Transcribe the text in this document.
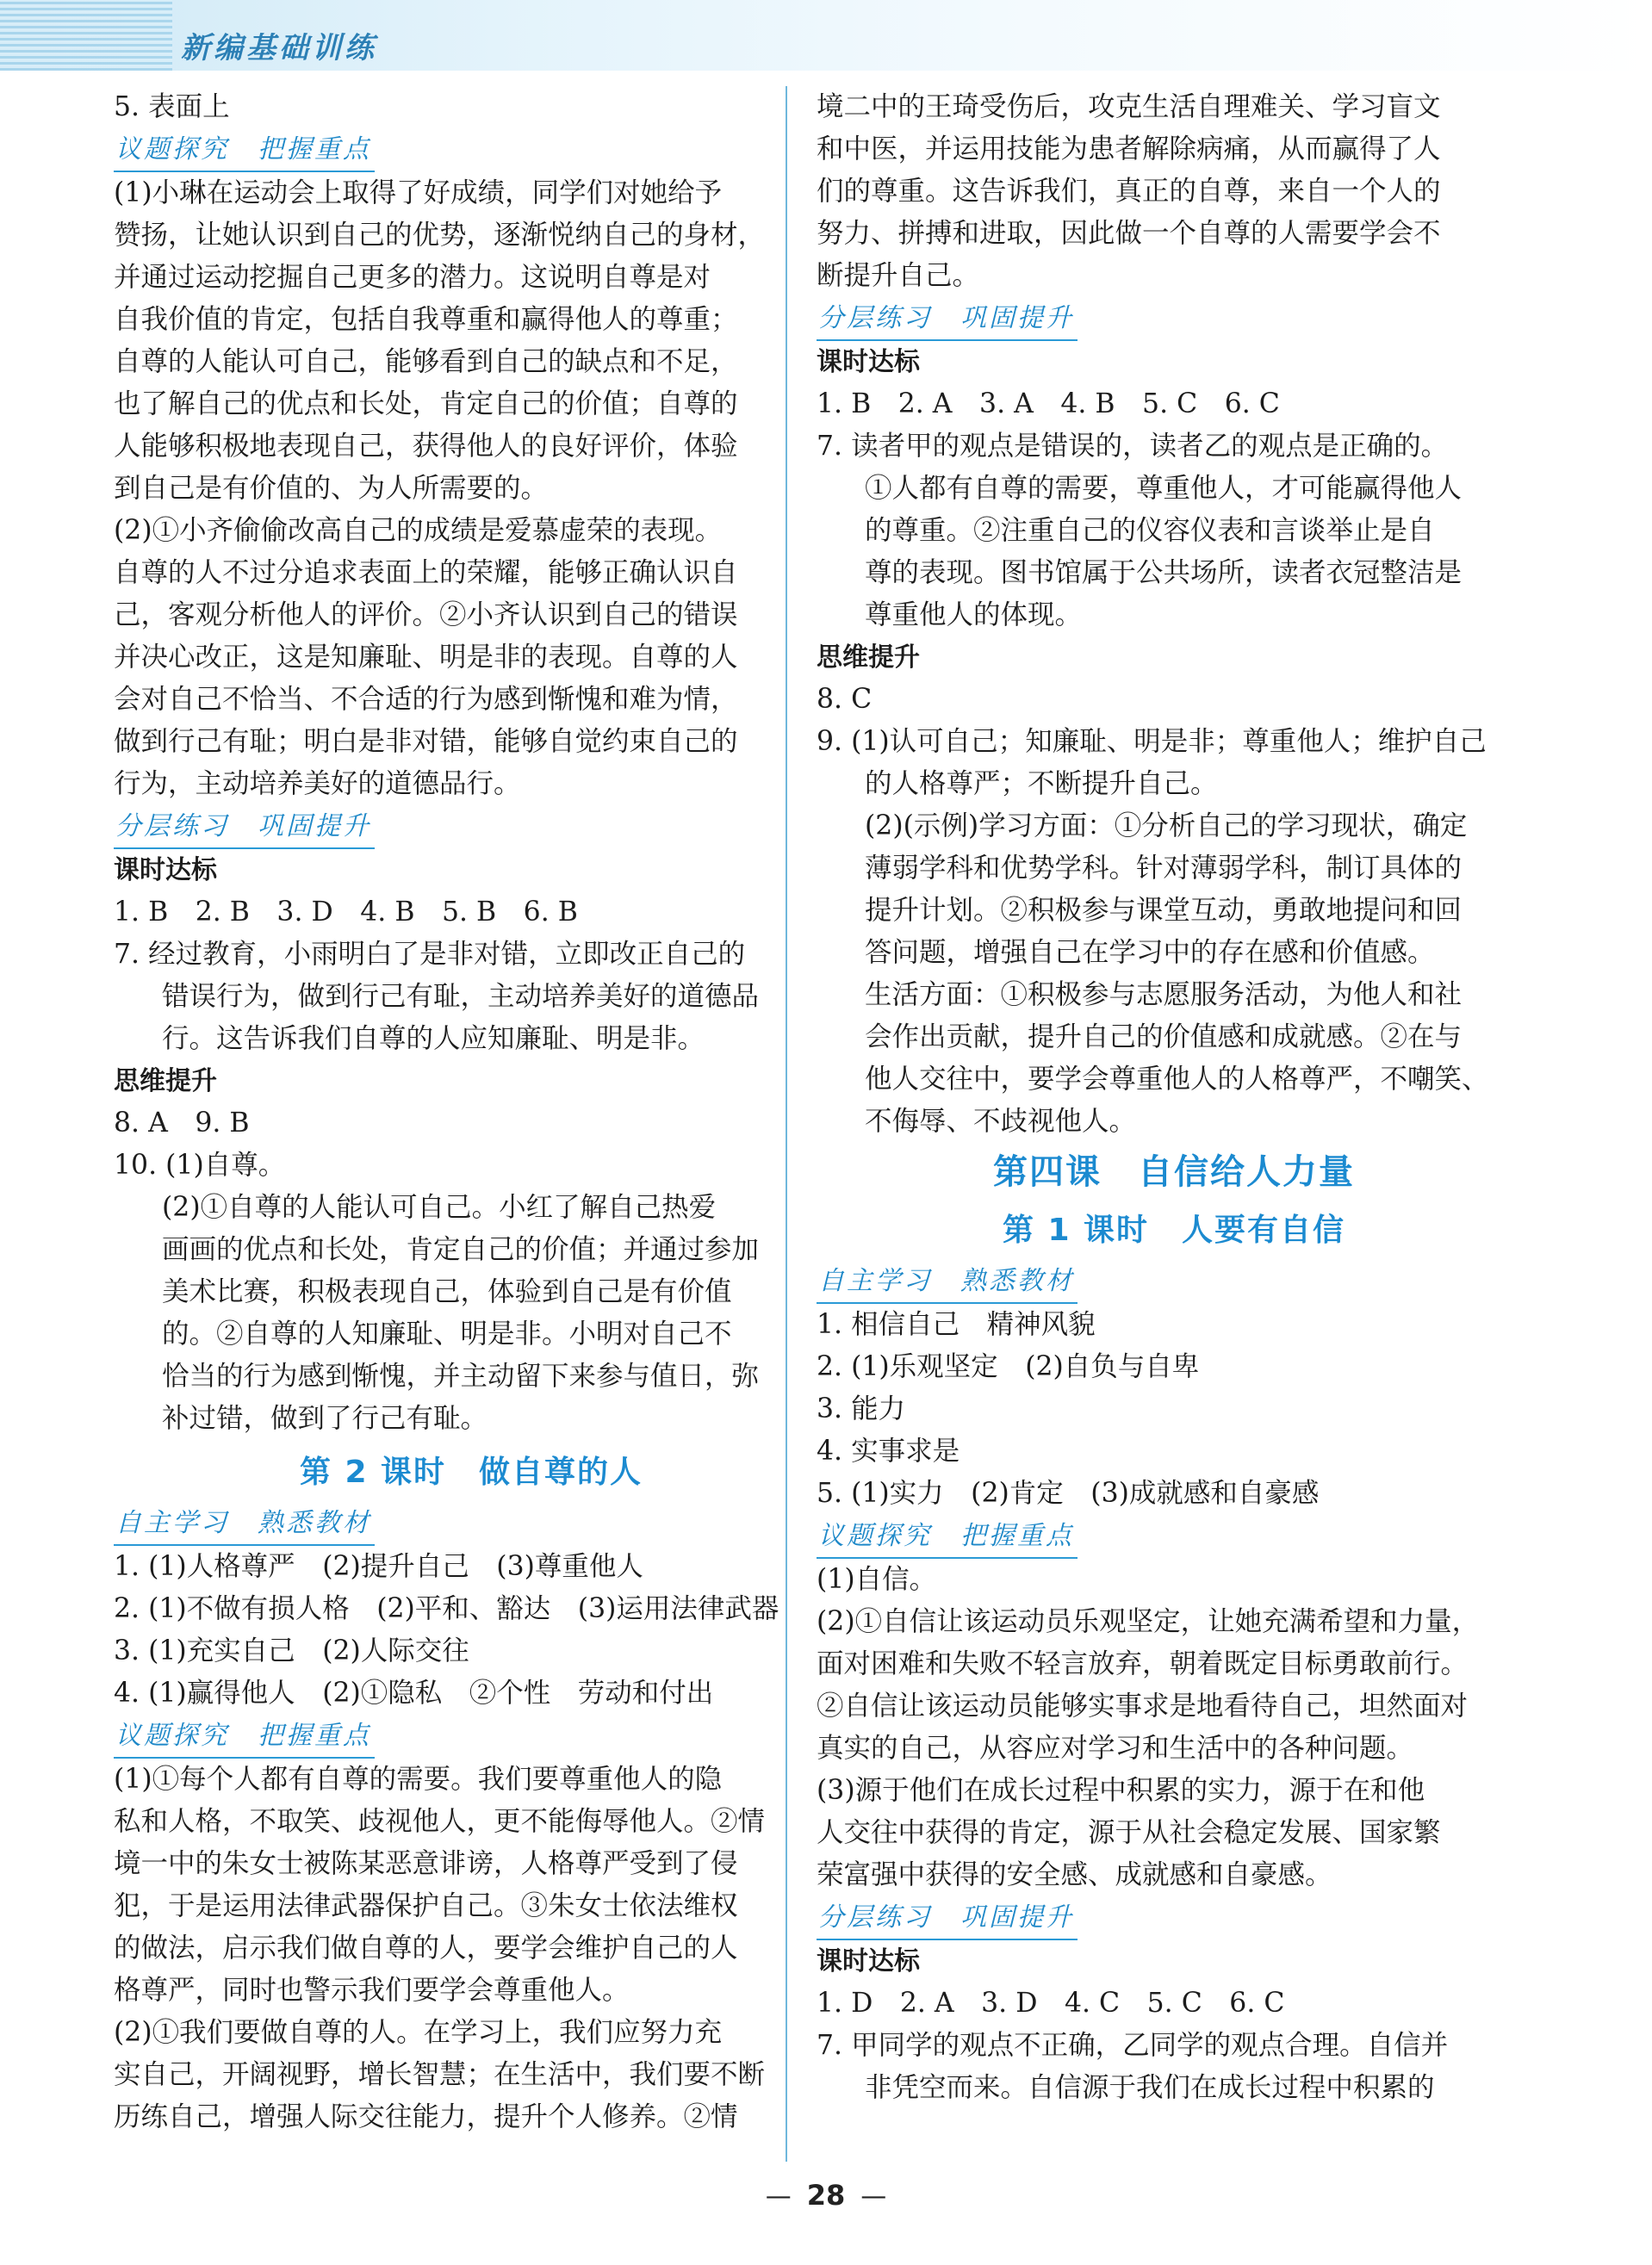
新编基础训练
5. 表面上
议题探究　把握重点
(1)小琳在运动会上取得了好成绩，同学们对她给予
赞扬，让她认识到自己的优势，逐渐悦纳自己的身材，
并通过运动挖掘自己更多的潜力。这说明自尊是对
自我价值的肯定，包括自我尊重和赢得他人的尊重；
自尊的人能认可自己，能够看到自己的缺点和不足，
也了解自己的优点和长处，肯定自己的价值；自尊的
人能够积极地表现自己，获得他人的良好评价，体验
到自己是有价值的、为人所需要的。
(2)①小齐偷偷改高自己的成绩是爱慕虚荣的表现。
自尊的人不过分追求表面上的荣耀，能够正确认识自
己，客观分析他人的评价。②小齐认识到自己的错误
并决心改正，这是知廉耻、明是非的表现。自尊的人
会对自己不恰当、不合适的行为感到惭愧和难为情，
做到行己有耻；明白是非对错，能够自觉约束自己的
行为，主动培养美好的道德品行。
分层练习　巩固提升
课时达标
1. B　2. B　3. D　4. B　5. B　6. B
7. 经过教育，小雨明白了是非对错，立即改正自己的
错误行为，做到行己有耻，主动培养美好的道德品
行。这告诉我们自尊的人应知廉耻、明是非。
思维提升
8. A　9. B
10. (1)自尊。
(2)①自尊的人能认可自己。小红了解自己热爱
画画的优点和长处，肯定自己的价值；并通过参加
美术比赛，积极表现自己，体验到自己是有价值
的。②自尊的人知廉耻、明是非。小明对自己不
恰当的行为感到惭愧，并主动留下来参与值日，弥
补过错，做到了行己有耻。
第 2 课时　做自尊的人
自主学习　熟悉教材
1. (1)人格尊严　(2)提升自己　(3)尊重他人
2. (1)不做有损人格　(2)平和、豁达　(3)运用法律武器
3. (1)充实自己　(2)人际交往
4. (1)赢得他人　(2)①隐私　②个性　劳动和付出
议题探究　把握重点
(1)①每个人都有自尊的需要。我们要尊重他人的隐
私和人格，不取笑、歧视他人，更不能侮辱他人。②情
境一中的朱女士被陈某恶意诽谤，人格尊严受到了侵
犯，于是运用法律武器保护自己。③朱女士依法维权
的做法，启示我们做自尊的人，要学会维护自己的人
格尊严，同时也警示我们要学会尊重他人。
(2)①我们要做自尊的人。在学习上，我们应努力充
实自己，开阔视野，增长智慧；在生活中，我们要不断
历练自己，增强人际交往能力，提升个人修养。②情
境二中的王琦受伤后，攻克生活自理难关、学习盲文
和中医，并运用技能为患者解除病痛，从而赢得了人
们的尊重。这告诉我们，真正的自尊，来自一个人的
努力、拼搏和进取，因此做一个自尊的人需要学会不
断提升自己。
分层练习　巩固提升
课时达标
1. B　2. A　3. A　4. B　5. C　6. C
7. 读者甲的观点是错误的，读者乙的观点是正确的。
①人都有自尊的需要，尊重他人，才可能赢得他人
的尊重。②注重自己的仪容仪表和言谈举止是自
尊的表现。图书馆属于公共场所，读者衣冠整洁是
尊重他人的体现。
思维提升
8. C
9. (1)认可自己；知廉耻、明是非；尊重他人；维护自己
的人格尊严；不断提升自己。
(2)(示例)学习方面：①分析自己的学习现状，确定
薄弱学科和优势学科。针对薄弱学科，制订具体的
提升计划。②积极参与课堂互动，勇敢地提问和回
答问题，增强自己在学习中的存在感和价值感。
生活方面：①积极参与志愿服务活动，为他人和社
会作出贡献，提升自己的价值感和成就感。②在与
他人交往中，要学会尊重他人的人格尊严，不嘲笑、
不侮辱、不歧视他人。
第四课　自信给人力量
第 1 课时　人要有自信
自主学习　熟悉教材
1. 相信自己　精神风貌
2. (1)乐观坚定　(2)自负与自卑
3. 能力
4. 实事求是
5. (1)实力　(2)肯定　(3)成就感和自豪感
议题探究　把握重点
(1)自信。
(2)①自信让该运动员乐观坚定，让她充满希望和力量，
面对困难和失败不轻言放弃，朝着既定目标勇敢前行。
②自信让该运动员能够实事求是地看待自己，坦然面对
真实的自己，从容应对学习和生活中的各种问题。
(3)源于他们在成长过程中积累的实力，源于在和他
人交往中获得的肯定，源于从社会稳定发展、国家繁
荣富强中获得的安全感、成就感和自豪感。
分层练习　巩固提升
课时达标
1. D　2. A　3. D　4. C　5. C　6. C
7. 甲同学的观点不正确，乙同学的观点合理。自信并
非凭空而来。自信源于我们在成长过程中积累的
— 28 —
